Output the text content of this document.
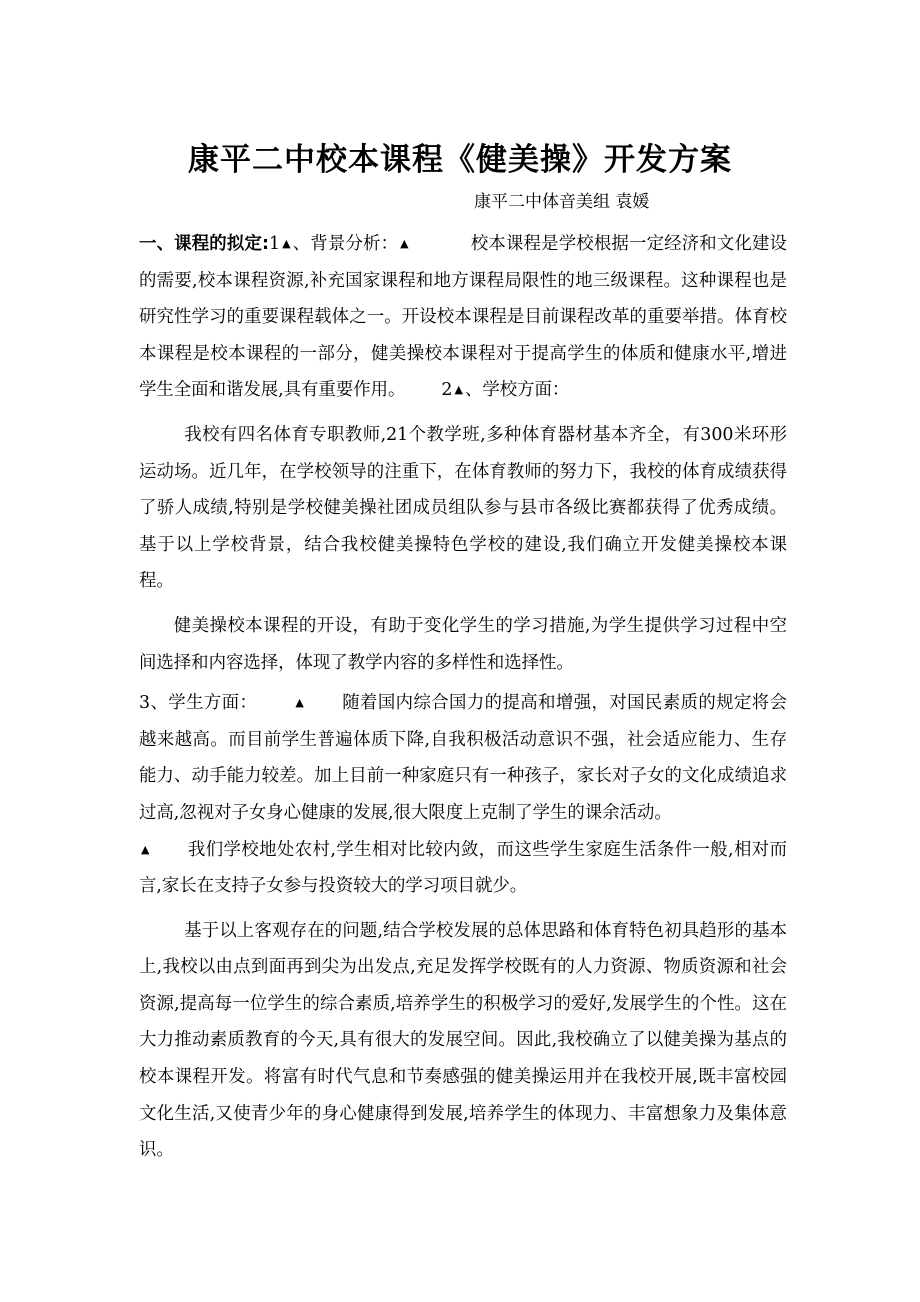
康平二中校本课程《健美操》开发方案
康平二中体音美组 袁媛

一、课程的拟定:1 ▲ 、背景分析： ▲	校本课程是学校根据一定经济和文化建设的需要,校本课程资源,补充国家课程和地方课程局限性的地三级课程。这种课程也是研究性学习的重要课程载体之一。开设校本课程是目前课程改革的重要举措。体育校本课程是校本课程的一部分，健美操校本课程对于提高学生的体质和健康水平,增进学生全面和谐发展,具有重要作用。 2 ▲ 、学校方面：

我校有四名体育专职教师,21个教学班,多种体育器材基本齐全，有300米环形运动场。近几年，在学校领导的注重下，在体育教师的努力下，我校的体育成绩获得了骄人成绩,特别是学校健美操社团成员组队参与县市各级比赛都获得了优秀成绩。基于以上学校背景，结合我校健美操特色学校的建设,我们确立开发健美操校本课程。

健美操校本课程的开设，有助于变化学生的学习措施,为学生提供学习过程中空间选择和内容选择，体现了教学内容的多样性和选择性。

3、学生方面：	▲ 随着国内综合国力的提高和增强，对国民素质的规定将会越来越高。而目前学生普遍体质下降,自我积极活动意识不强，社会适应能力、生存能力、动手能力较差。加上目前一种家庭只有一种孩子，家长对子女的文化成绩追求过高,忽视对子女身心健康的发展,很大限度上克制了学生的课余活动。

▲ 我们学校地处农村,学生相对比较内敛，而这些学生家庭生活条件一般,相对而言,家长在支持子女参与投资较大的学习项目就少。

基于以上客观存在的问题,结合学校发展的总体思路和体育特色初具趋形的基本上,我校以由点到面再到尖为出发点,充足发挥学校既有的人力资源、物质资源和社会资源,提高每一位学生的综合素质,培养学生的积极学习的爱好,发展学生的个性。这在大力推动素质教育的今天,具有很大的发展空间。因此,我校确立了以健美操为基点的校本课程开发。将富有时代气息和节奏感强的健美操运用并在我校开展,既丰富校园文化生活,又使青少年的身心健康得到发展,培养学生的体现力、丰富想象力及集体意识。
